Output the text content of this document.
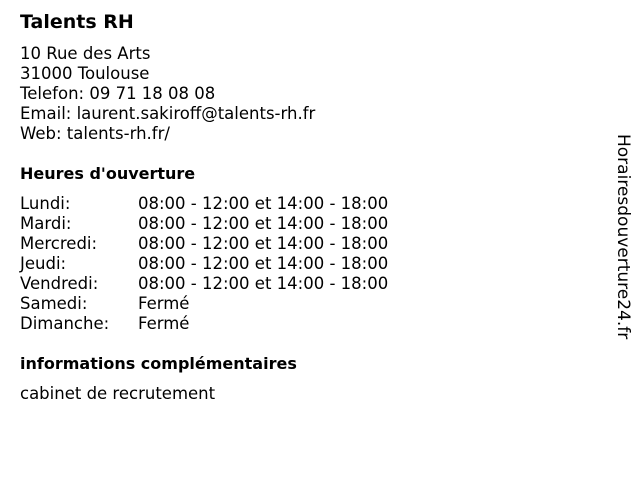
Talents RH
10 Rue des Arts
31000 Toulouse
Telefon: 09 71 18 08 08
Email: laurent.sakiroff@talents-rh.fr
Web: talents-rh.fr/
Heures d'ouverture
Lundi:	08:00 - 12:00 et 14:00 - 18:00
Mardi:	08:00 - 12:00 et 14:00 - 18:00
Mercredi: 08:00 - 12:00 et 14:00 - 18:00
Jeudi:	08:00 - 12:00 et 14:00 - 18:00
Vendredi: 08:00 - 12:00 et 14:00 - 18:00
Samedi:	Fermé
Dimanche: Fermé
informations complémentaires
cabinet de recrutement
Horairesdouverture24.fr
